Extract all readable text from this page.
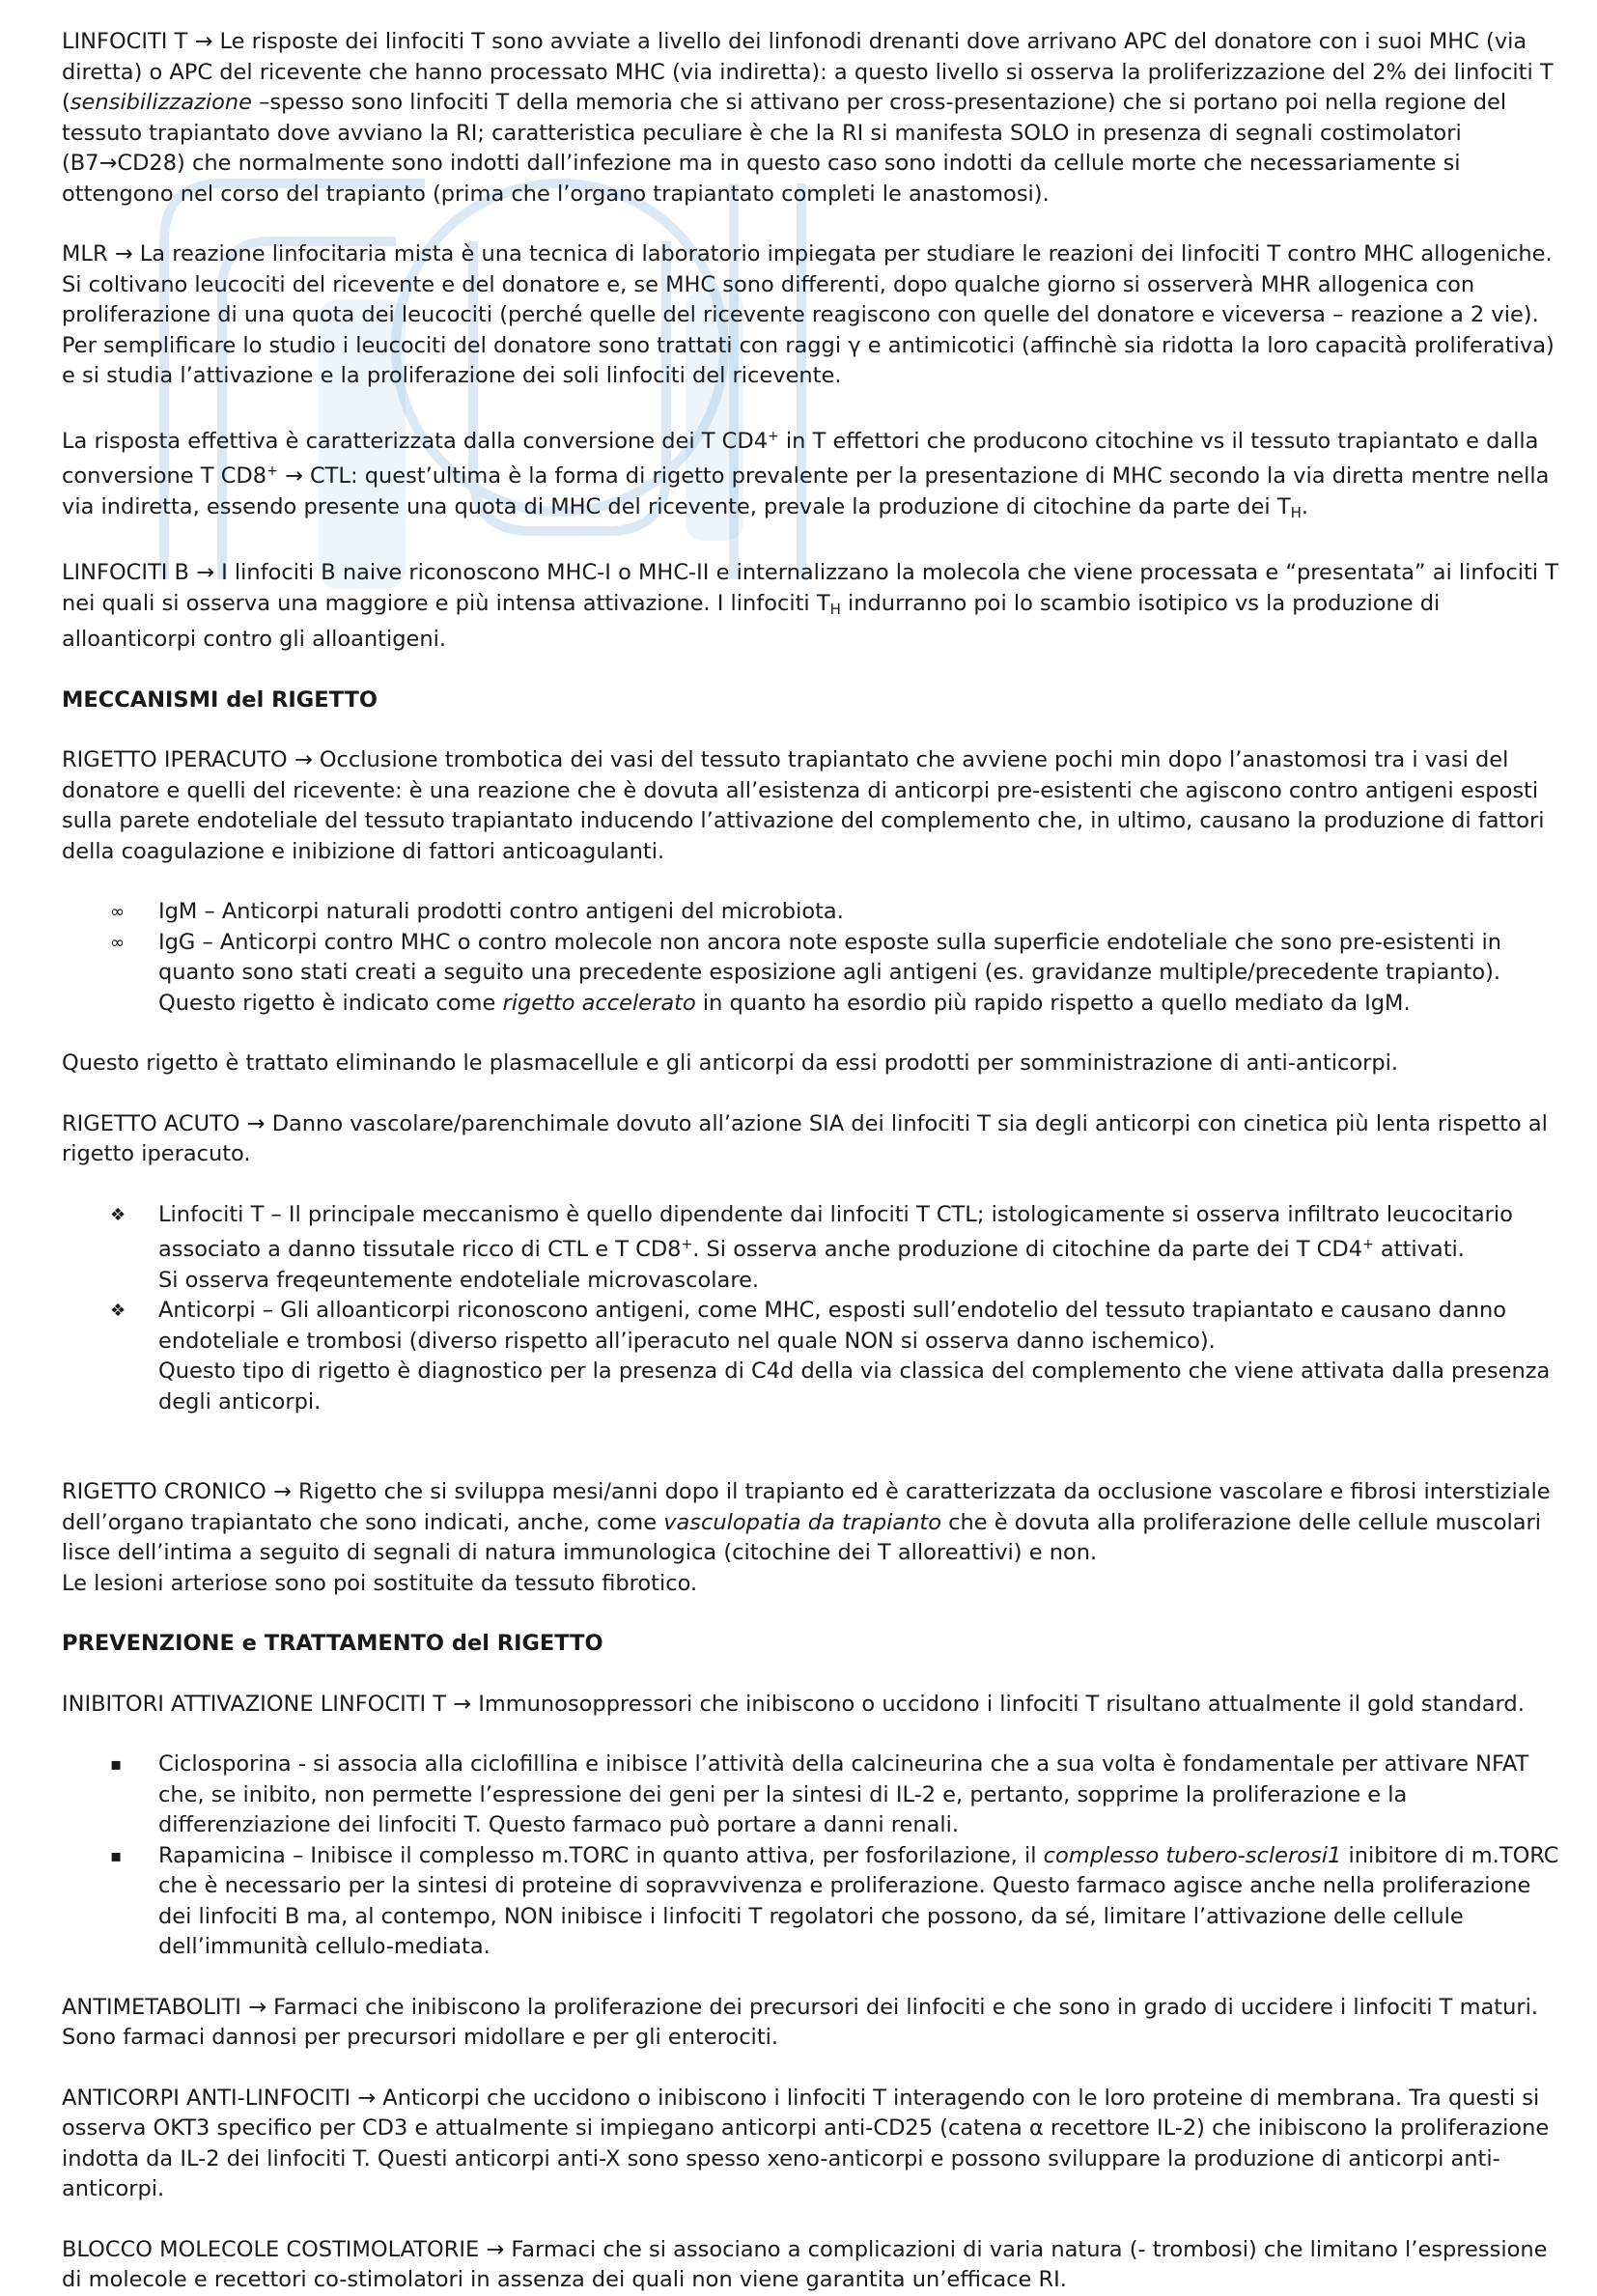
LINFOCITI T → Le risposte dei linfociti T sono avviate a livello dei linfonodi drenanti dove arrivano APC del donatore con i suoi MHC (via diretta) o APC del ricevente che hanno processato MHC (via indiretta): a questo livello si osserva la proliferizzazione del 2% dei linfociti T (sensibilizzazione –spesso sono linfociti T della memoria che si attivano per cross-presentazione) che si portano poi nella regione del tessuto trapiantato dove avviano la RI; caratteristica peculiare è che la RI si manifesta SOLO in presenza di segnali costimolatori (B7→CD28) che normalmente sono indotti dall’infezione ma in questo caso sono indotti da cellule morte che necessariamente si ottengono nel corso del trapianto (prima che l’organo trapiantato completi le anastomosi).

MLR → La reazione linfocitaria mista è una tecnica di laboratorio impiegata per studiare le reazioni dei linfociti T contro MHC allogeniche. Si coltivano leucociti del ricevente e del donatore e, se MHC sono differenti, dopo qualche giorno si osserverà MHR allogenica con proliferazione di una quota dei leucociti (perché quelle del ricevente reagiscono con quelle del donatore e viceversa – reazione a 2 vie). Per semplificare lo studio i leucociti del donatore sono trattati con raggi γ e antimicotici (affinchè sia ridotta la loro capacità proliferativa) e si studia l’attivazione e la proliferazione dei soli linfociti del ricevente.

La risposta effettiva è caratterizzata dalla conversione dei T CD4+ in T effettori che producono citochine vs il tessuto trapiantato e dalla conversione T CD8+ → CTL: quest’ultima è la forma di rigetto prevalente per la presentazione di MHC secondo la via diretta mentre nella via indiretta, essendo presente una quota di MHC del ricevente, prevale la produzione di citochine da parte dei $T_H$.

LINFOCITI B → I linfociti B naive riconoscono MHC-I o MHC-II e internalizzano la molecola che viene processata e “presentata” ai linfociti T nei quali si osserva una maggiore e più intensa attivazione. I linfociti $T_H$ indurranno poi lo scambio isotipico vs la produzione di alloanticorpi contro gli alloantigeni.

MECCANISMI del RIGETTO

RIGETTO IPERACUTO → Occlusione trombotica dei vasi del tessuto trapiantato che avviene pochi min dopo l’anastomosi tra i vasi del donatore e quelli del ricevente: è una reazione che è dovuta all’esistenza di anticorpi pre-esistenti che agiscono contro antigeni esposti sulla parete endoteliale del tessuto trapiantato inducendo l’attivazione del complemento che, in ultimo, causano la produzione di fattori della coagulazione e inibizione di fattori anticoagulanti.

∞ IgM – Anticorpi naturali prodotti contro antigeni del microbiota.
∞ IgG – Anticorpi contro MHC o contro molecole non ancora note esposte sulla superficie endoteliale che sono pre-esistenti in quanto sono stati creati a seguito una precedente esposizione agli antigeni (es. gravidanze multiple/precedente trapianto).
Questo rigetto è indicato come rigetto accelerato in quanto ha esordio più rapido rispetto a quello mediato da IgM.

Questo rigetto è trattato eliminando le plasmacellule e gli anticorpi da essi prodotti per somministrazione di anti-anticorpi.

RIGETTO ACUTO → Danno vascolare/parenchimale dovuto all’azione SIA dei linfociti T sia degli anticorpi con cinetica più lenta rispetto al rigetto iperacuto.

❖ Linfociti T – Il principale meccanismo è quello dipendente dai linfociti T CTL; istologicamente si osserva infiltrato leucocitario associato a danno tissutale ricco di CTL e T CD8+. Si osserva anche produzione di citochine da parte dei T CD4+ attivati.
Si osserva freqeuntemente endoteliale microvascolare.
❖ Anticorpi – Gli alloanticorpi riconoscono antigeni, come MHC, esposti sull’endotelio del tessuto trapiantato e causano danno endoteliale e trombosi (diverso rispetto all’iperacuto nel quale NON si osserva danno ischemico).
Questo tipo di rigetto è diagnostico per la presenza di C4d della via classica del complemento che viene attivata dalla presenza degli anticorpi.

RIGETTO CRONICO → Rigetto che si sviluppa mesi/anni dopo il trapianto ed è caratterizzata da occlusione vascolare e fibrosi interstiziale dell’organo trapiantato che sono indicati, anche, come vasculopatia da trapianto che è dovuta alla proliferazione delle cellule muscolari lisce dell’intima a seguito di segnali di natura immunologica (citochine dei T alloreattivi) e non.
Le lesioni arteriose sono poi sostituite da tessuto fibrotico.

PREVENZIONE e TRATTAMENTO del RIGETTO

INIBITORI ATTIVAZIONE LINFOCITI T → Immunosoppressori che inibiscono o uccidono i linfociti T risultano attualmente il gold standard.

▪ Ciclosporina - si associa alla ciclofillina e inibisce l’attività della calcineurina che a sua volta è fondamentale per attivare NFAT che, se inibito, non permette l’espressione dei geni per la sintesi di IL-2 e, pertanto, sopprime la proliferazione e la differenziazione dei linfociti T. Questo farmaco può portare a danni renali.
▪ Rapamicina – Inibisce il complesso m.TORC in quanto attiva, per fosforilazione, il complesso tubero-sclerosi1 inibitore di m.TORC che è necessario per la sintesi di proteine di sopravvivenza e proliferazione. Questo farmaco agisce anche nella proliferazione dei linfociti B ma, al contempo, NON inibisce i linfociti T regolatori che possono, da sé, limitare l’attivazione delle cellule dell’immunità cellulo-mediata.

ANTIMETABOLITI → Farmaci che inibiscono la proliferazione dei precursori dei linfociti e che sono in grado di uccidere i linfociti T maturi. Sono farmaci dannosi per precursori midollare e per gli enterociti.

ANTICORPI ANTI-LINFOCITI → Anticorpi che uccidono o inibiscono i linfociti T interagendo con le loro proteine di membrana. Tra questi si osserva OKT3 specifico per CD3 e attualmente si impiegano anticorpi anti-CD25 (catena α recettore IL-2) che inibiscono la proliferazione indotta da IL-2 dei linfociti T. Questi anticorpi anti-X sono spesso xeno-anticorpi e possono sviluppare la produzione di anticorpi anti-anticorpi.

BLOCCO MOLECOLE COSTIMOLATORIE → Farmaci che si associano a complicazioni di varia natura (- trombosi) che limitano l’espressione di molecole e recettori co-stimolatori in assenza dei quali non viene garantita un’efficace RI.
